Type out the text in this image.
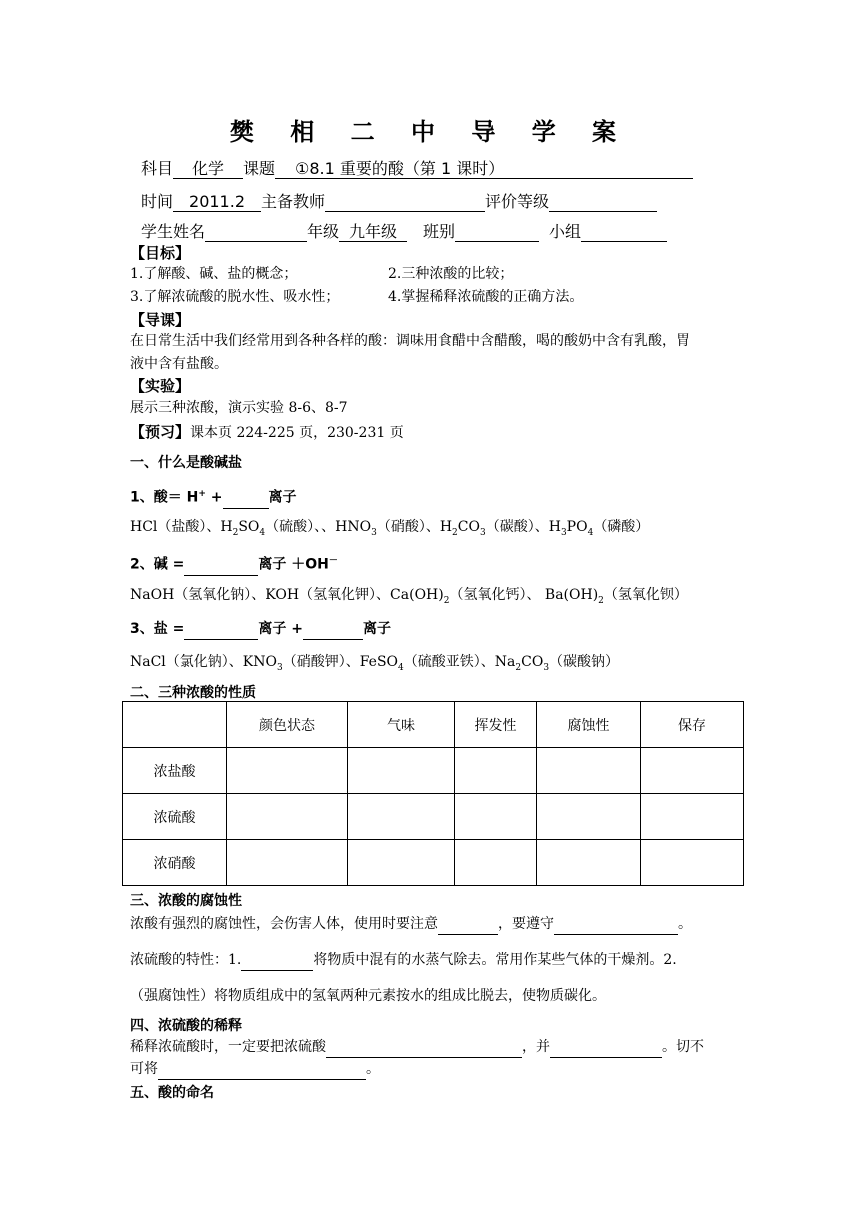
樊 相 二 中 导 学 案
科目 化学 课题 ①8.1 重要的酸（第 1 课时）
时间 2011.2 主备教师	评价等级
学生姓名	年级 九年级 班别	小组
【目标】
1.了解酸、碱、盐的概念；	2.三种浓酸的比较；
3.了解浓硫酸的脱水性、吸水性；	4.掌握稀释浓硫酸的正确方法。
【导课】
在日常生活中我们经常用到各种各样的酸：调味用食醋中含醋酸，喝的酸奶中含有乳酸，胃
液中含有盐酸。
【实验】
展示三种浓酸，演示实验 8-6、8-7
【预习】课本页 224-225 页，230-231 页
一、什么是酸碱盐
1、酸＝ H+ +	离子
HCl（盐酸）、$H_2SO_4$（硫酸）、、$HNO_3$（硝酸）、$H_2CO_3$（碳酸）、$H_3PO_4$（磷酸）
2、碱 =	离子 ＋OH－
NaOH（氢氧化钠）、KOH（氢氧化钾）、$Ca(OH)_2$（氢氧化钙）、 $Ba(OH)_2$（氢氧化钡）
3、盐 =	离子 +	离子
NaCl（氯化钠）、$KNO_3$（硝酸钾）、FeSO$_4$（硫酸亚铁）、$Na_2CO_3$（碳酸钠）
二、三种浓酸的性质
	颜色状态	气味	挥发性	腐蚀性	保存
浓盐酸					
浓硫酸					
浓硝酸					
三、浓酸的腐蚀性
浓酸有强烈的腐蚀性，会伤害人体，使用时要注意	，要遵守	。
浓硫酸的特性：1.	将物质中混有的水蒸气除去。常用作某些气体的干燥剂。2.
（强腐蚀性）将物质组成中的氢氧两种元素按水的组成比脱去，使物质碳化。
四、浓硫酸的稀释
稀释浓硫酸时，一定要把浓硫酸	，并	。切不
可将	。
五、酸的命名
